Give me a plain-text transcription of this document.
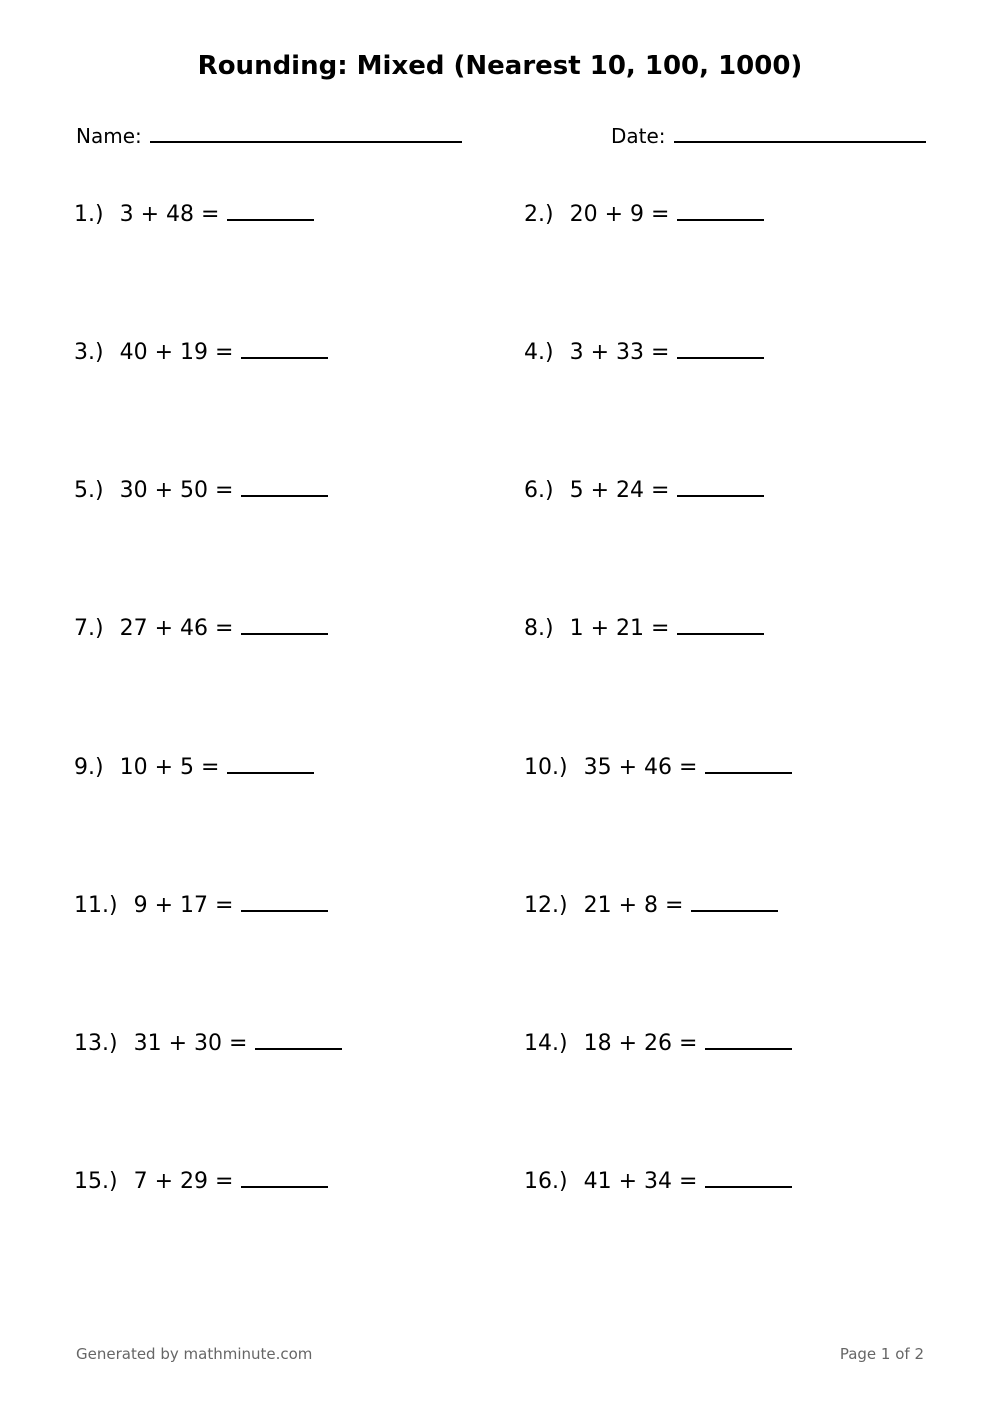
Rounding: Mixed (Nearest 10, 100, 1000)
Name:	Date:
1.) 3 + 48 =	2.) 20 + 9 =
3.) 40 + 19 =	4.) 3 + 33 =
5.) 30 + 50 =	6.) 5 + 24 =
7.) 27 + 46 =	8.) 1 + 21 =
9.) 10 + 5 =	10.) 35 + 46 =
11.) 9 + 17 =	12.) 21 + 8 =
13.) 31 + 30 =	14.) 18 + 26 =
15.) 7 + 29 =	16.) 41 + 34 =
Generated by mathminute.com	Page 1 of 2
